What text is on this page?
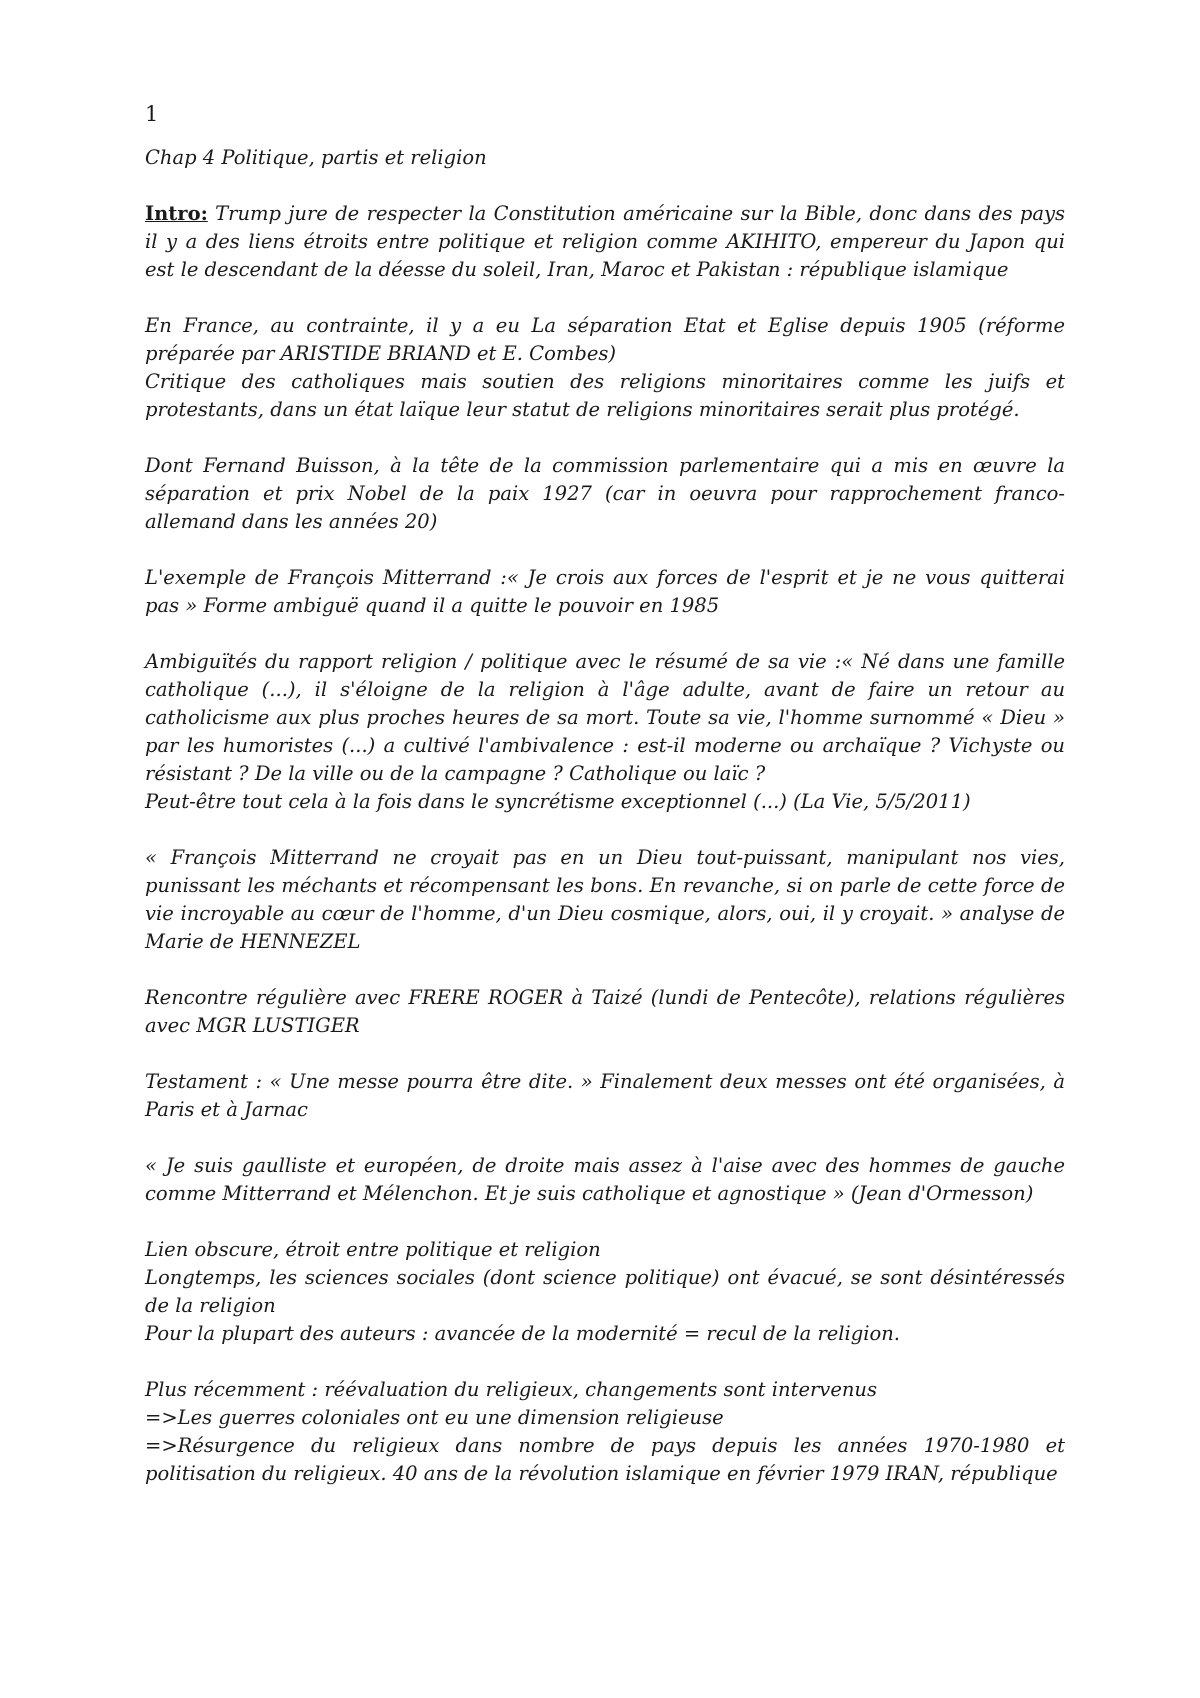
1

Chap 4 Politique, partis et religion

Intro: Trump jure de respecter la Constitution américaine sur la Bible, donc dans des pays il y a des liens étroits entre politique et religion comme AKIHITO, empereur du Japon qui est le descendant de la déesse du soleil, Iran, Maroc et Pakistan : république islamique

En France, au contrainte, il y a eu La séparation Etat et Eglise depuis 1905 (réforme préparée par ARISTIDE BRIAND et E. Combes)
Critique des catholiques mais soutien des religions minoritaires comme les juifs et protestants, dans un état laïque leur statut de religions minoritaires serait plus protégé.

Dont Fernand Buisson, à la tête de la commission parlementaire qui a mis en œuvre la séparation et prix Nobel de la paix 1927 (car in oeuvra pour rapprochement franco-allemand dans les années 20)

L'exemple de François Mitterrand :« Je crois aux forces de l'esprit et je ne vous quitterai pas » Forme ambiguë quand il a quitte le pouvoir en 1985

Ambiguïtés du rapport religion / politique avec le résumé de sa vie :« Né dans une famille catholique (...), il s'éloigne de la religion à l'âge adulte, avant de faire un retour au catholicisme aux plus proches heures de sa mort. Toute sa vie, l'homme surnommé « Dieu » par les humoristes (...) a cultivé l'ambivalence : est-il moderne ou archaïque ? Vichyste ou résistant ? De la ville ou de la campagne ? Catholique ou laïc ?
Peut-être tout cela à la fois dans le syncrétisme exceptionnel (...) (La Vie, 5/5/2011)

« François Mitterrand ne croyait pas en un Dieu tout-puissant, manipulant nos vies, punissant les méchants et récompensant les bons. En revanche, si on parle de cette force de vie incroyable au cœur de l'homme, d'un Dieu cosmique, alors, oui, il y croyait. » analyse de Marie de HENNEZEL

Rencontre régulière avec FRERE ROGER à Taizé (lundi de Pentecôte), relations régulières avec MGR LUSTIGER

Testament : « Une messe pourra être dite. » Finalement deux messes ont été organisées, à Paris et à Jarnac

« Je suis gaulliste et européen, de droite mais assez à l'aise avec des hommes de gauche comme Mitterrand et Mélenchon. Et je suis catholique et agnostique » (Jean d'Ormesson)

Lien obscure, étroit entre politique et religion
Longtemps, les sciences sociales (dont science politique) ont évacué, se sont désintéressés de la religion
Pour la plupart des auteurs : avancée de la modernité = recul de la religion.

Plus récemment : réévaluation du religieux, changements sont intervenus
=>Les guerres coloniales ont eu une dimension religieuse
=>Résurgence du religieux dans nombre de pays depuis les années 1970-1980 et politisation du religieux. 40 ans de la révolution islamique en février 1979 IRAN, république
